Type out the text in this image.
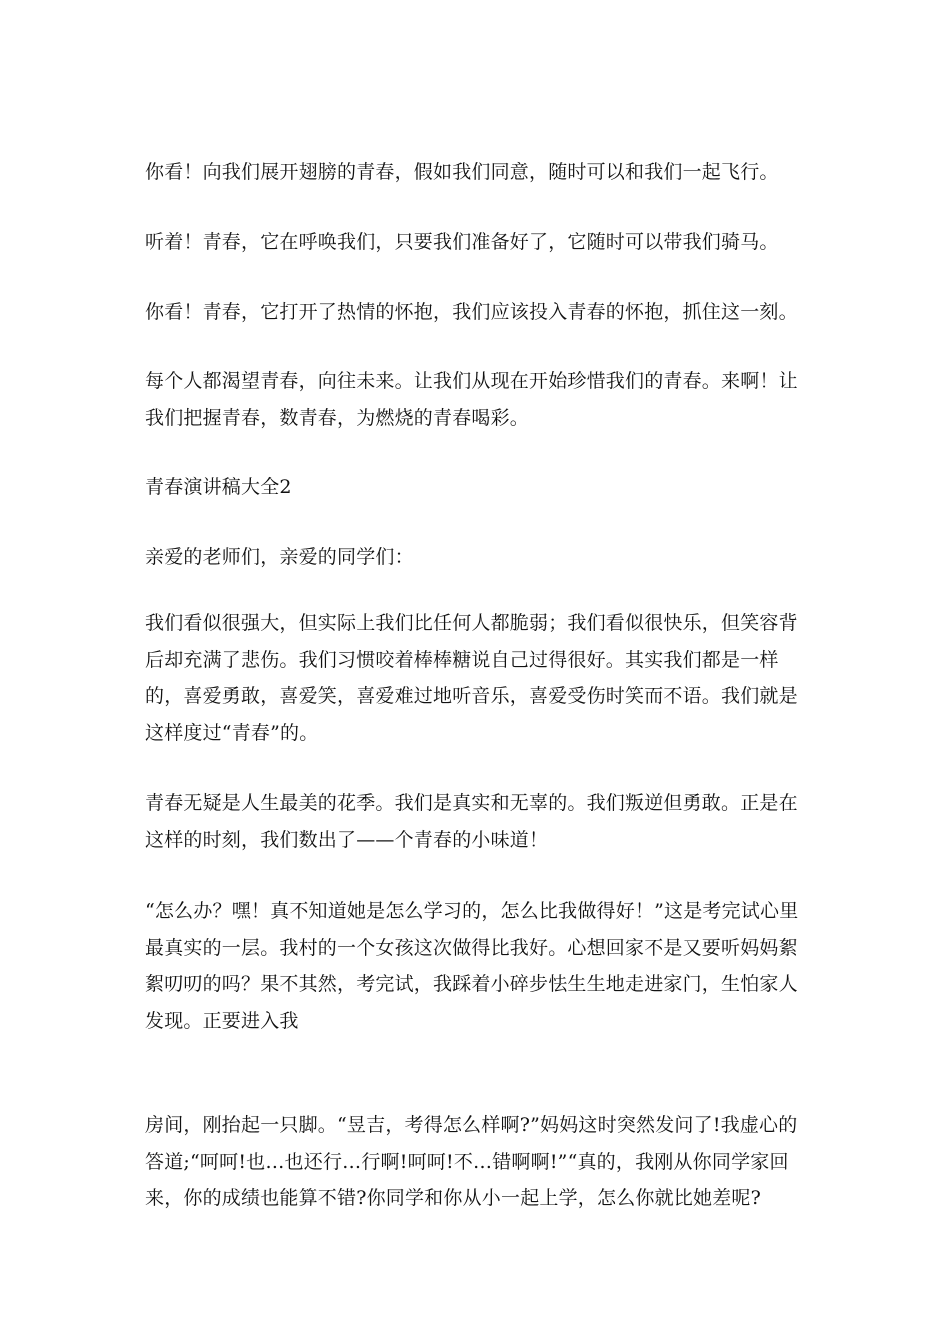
你看！向我们展开翅膀的青春，假如我们同意，随时可以和我们一起飞行。

听着！青春，它在呼唤我们，只要我们准备好了，它随时可以带我们骑马。

你看！青春，它打开了热情的怀抱，我们应该投入青春的怀抱，抓住这一刻。

每个人都渴望青春，向往未来。让我们从现在开始珍惜我们的青春。来啊！让我们把握青春，数青春，为燃烧的青春喝彩。

青春演讲稿大全2

亲爱的老师们，亲爱的同学们：

我们看似很强大，但实际上我们比任何人都脆弱；我们看似很快乐，但笑容背后却充满了悲伤。我们习惯咬着棒棒糖说自己过得很好。其实我们都是一样的，喜爱勇敢，喜爱笑，喜爱难过地听音乐，喜爱受伤时笑而不语。我们就是这样度过“青春”的。

青春无疑是人生最美的花季。我们是真实和无辜的。我们叛逆但勇敢。正是在这样的时刻，我们数出了——个青春的小味道！

“怎么办？嘿！真不知道她是怎么学习的，怎么比我做得好！”这是考完试心里最真实的一层。我村的一个女孩这次做得比我好。心想回家不是又要听妈妈絮絮叨叨的吗？果不其然，考完试，我踩着小碎步怯生生地走进家门，生怕家人发现。正要进入我

房间，刚抬起一只脚。“昱吉，考得怎么样啊?”妈妈这时突然发问了!我虚心的答道;“呵呵!也…也还行…行啊!呵呵!不…错啊啊!”“真的，我刚从你同学家回来，你的成绩也能算不错?你同学和你从小一起上学，怎么你就比她差呢?
